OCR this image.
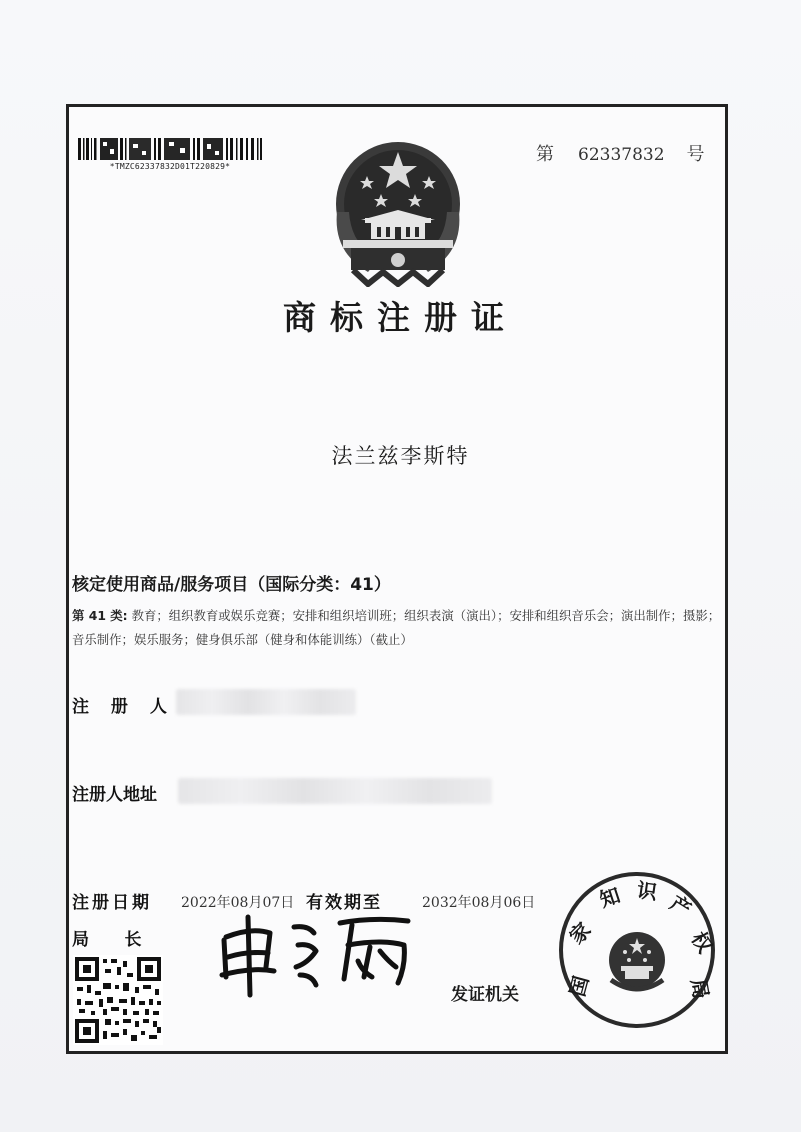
*TMZC62337832D01T220829*
第 62337832 号
商标注册证
法兰兹李斯特
核定使用商品/服务项目（国际分类：41）
第 41 类: 教育；组织教育或娱乐竞赛；安排和组织培训班；组织表演（演出）；安排和组织音乐会；演出制作；摄影；音乐制作；娱乐服务；健身俱乐部（健身和体能训练）（截止）
注 册 人
注册人地址
注册日期 2022年08月07日 有效期至	2032年08月06日
局      长
发证机关 国
家
知 识 产
权
局
